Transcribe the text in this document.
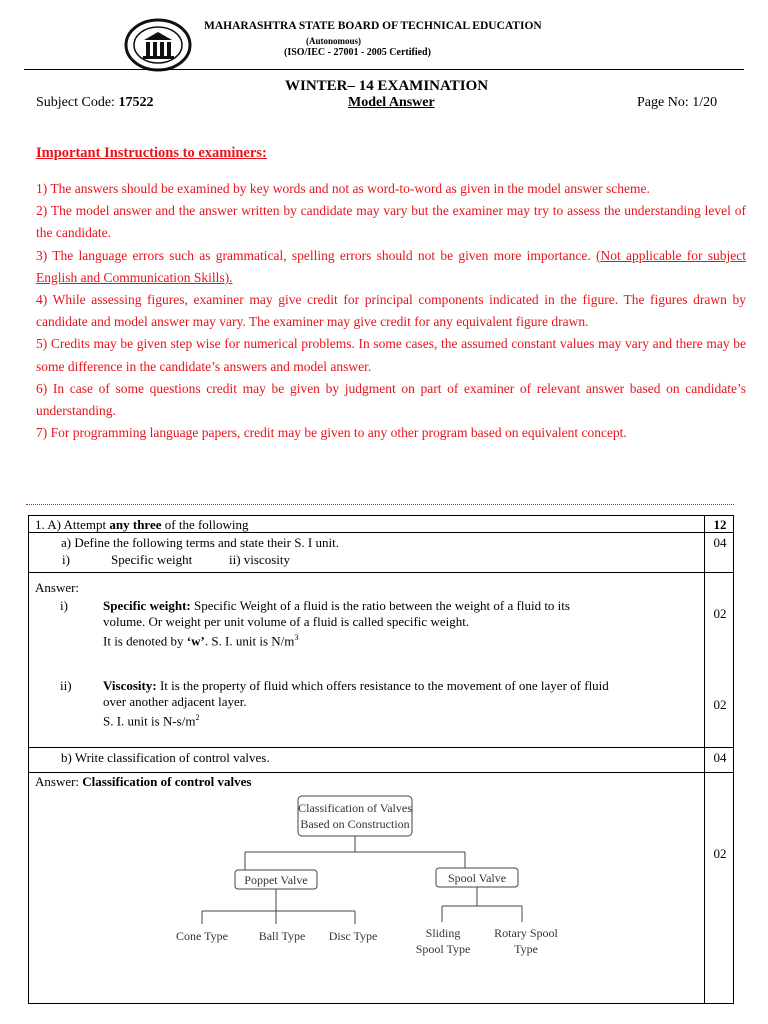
MAHARASHTRA STATE BOARD OF TECHNICAL EDUCATION
(Autonomous)
(ISO/IEC - 27001 - 2005 Certified)
WINTER– 14 EXAMINATION
Subject Code: 17522	Model Answer	Page No: 1/20
Important Instructions to examiners:

1) The answers should be examined by key words and not as word-to-word as given in the model answer scheme.

2) The model answer and the answer written by candidate may vary but the examiner may try to assess the understanding level of the candidate.

3) The language errors such as grammatical, spelling errors should not be given more importance. (Not applicable for subject English and Communication Skills).

4) While assessing figures, examiner may give credit for principal components indicated in the figure. The figures drawn by candidate and model answer may vary. The examiner may give credit for any equivalent figure drawn.

5) Credits may be given step wise for numerical problems. In some cases, the assumed constant values may vary and there may be some difference in the candidate’s answers and model answer.

6) In case of some questions credit may be given by judgment on part of examiner of relevant answer based on candidate’s understanding.

7) For programming language papers, credit may be given to any other program based on equivalent concept.

1. A) Attempt any three of the following	12
a) Define the following terms and state their S. I unit.
i)	Specific weight	ii) viscosity
04
Answer:
i)	Specific weight: Specific Weight of a fluid is the ratio between the weight of a fluid to its
volume. Or weight per unit volume of a fluid is called specific weight.
It is denoted by ‘w’. S. I. unit is $N/m^3$
02
ii) Viscosity: It is the property of fluid which offers resistance to the movement of one layer of fluid
over another adjacent layer.
S. I. unit is $N-s/m^2$
02
b) Write classification of control valves.	04
Answer: Classification of control valves
02
Classification of Valves
Based on Construction
Poppet Valve	Spool Valve
Cone Type	Ball Type Disc Type	Sliding
Spool Type
Rotary Spool
Type
